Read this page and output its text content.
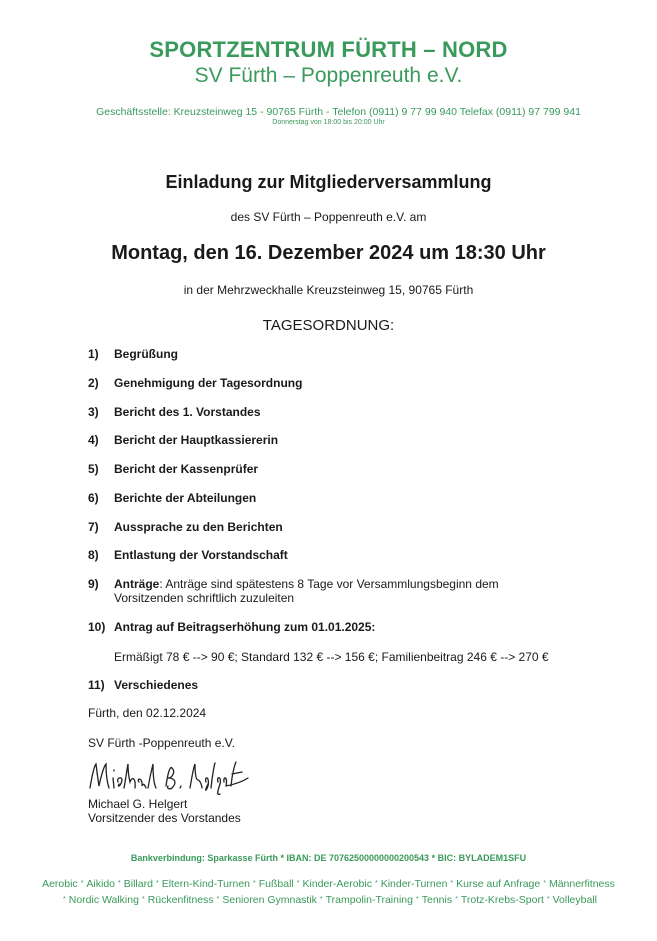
SPORTZENTRUM FÜRTH – NORD
SV Fürth – Poppenreuth e.V.
Geschäftsstelle: Kreuzsteinweg 15 - 90765 Fürth - Telefon (0911) 9 77 99 940 Telefax (0911) 97 799 941
Donnerstag von 18:00 bis 20:00 Uhr
Einladung zur Mitgliederversammlung
des SV Fürth – Poppenreuth e.V. am
Montag, den 16. Dezember 2024 um 18:30 Uhr
in der Mehrzweckhalle Kreuzsteinweg 15, 90765 Fürth
TAGESORDNUNG:
1) Begrüßung
2) Genehmigung der Tagesordnung
3) Bericht des 1. Vorstandes
4) Bericht der Hauptkassiererin
5) Bericht der Kassenprüfer
6) Berichte der Abteilungen
7) Aussprache zu den Berichten
8) Entlastung der Vorstandschaft
9) Anträge: Anträge sind spätestens 8 Tage vor Versammlungsbeginn dem
Vorsitzenden schriftlich zuzuleiten
10) Antrag auf Beitragserhöhung zum 01.01.2025:
Ermäßigt 78 € --> 90 €; Standard 132 € --> 156 €; Familienbeitrag 246 € --> 270 €
11) Verschiedenes
Fürth, den 02.12.2024
SV Fürth -Poppenreuth e.V.
Michael G. Helgert
Vorsitzender des Vorstandes
Bankverbindung: Sparkasse Fürth * IBAN: DE 70762500000000200543 * BIC: BYLADEM1SFU
Aerobic * Aikido * Billard * Eltern-Kind-Turnen * Fußball * Kinder-Aerobic * Kinder-Turnen * Kurse auf Anfrage * Männerfitness* Nordic Walking * Rückenfitness * Senioren Gymnastik * Trampolin-Training * Tennis * Trotz-Krebs-Sport * Volleyball
